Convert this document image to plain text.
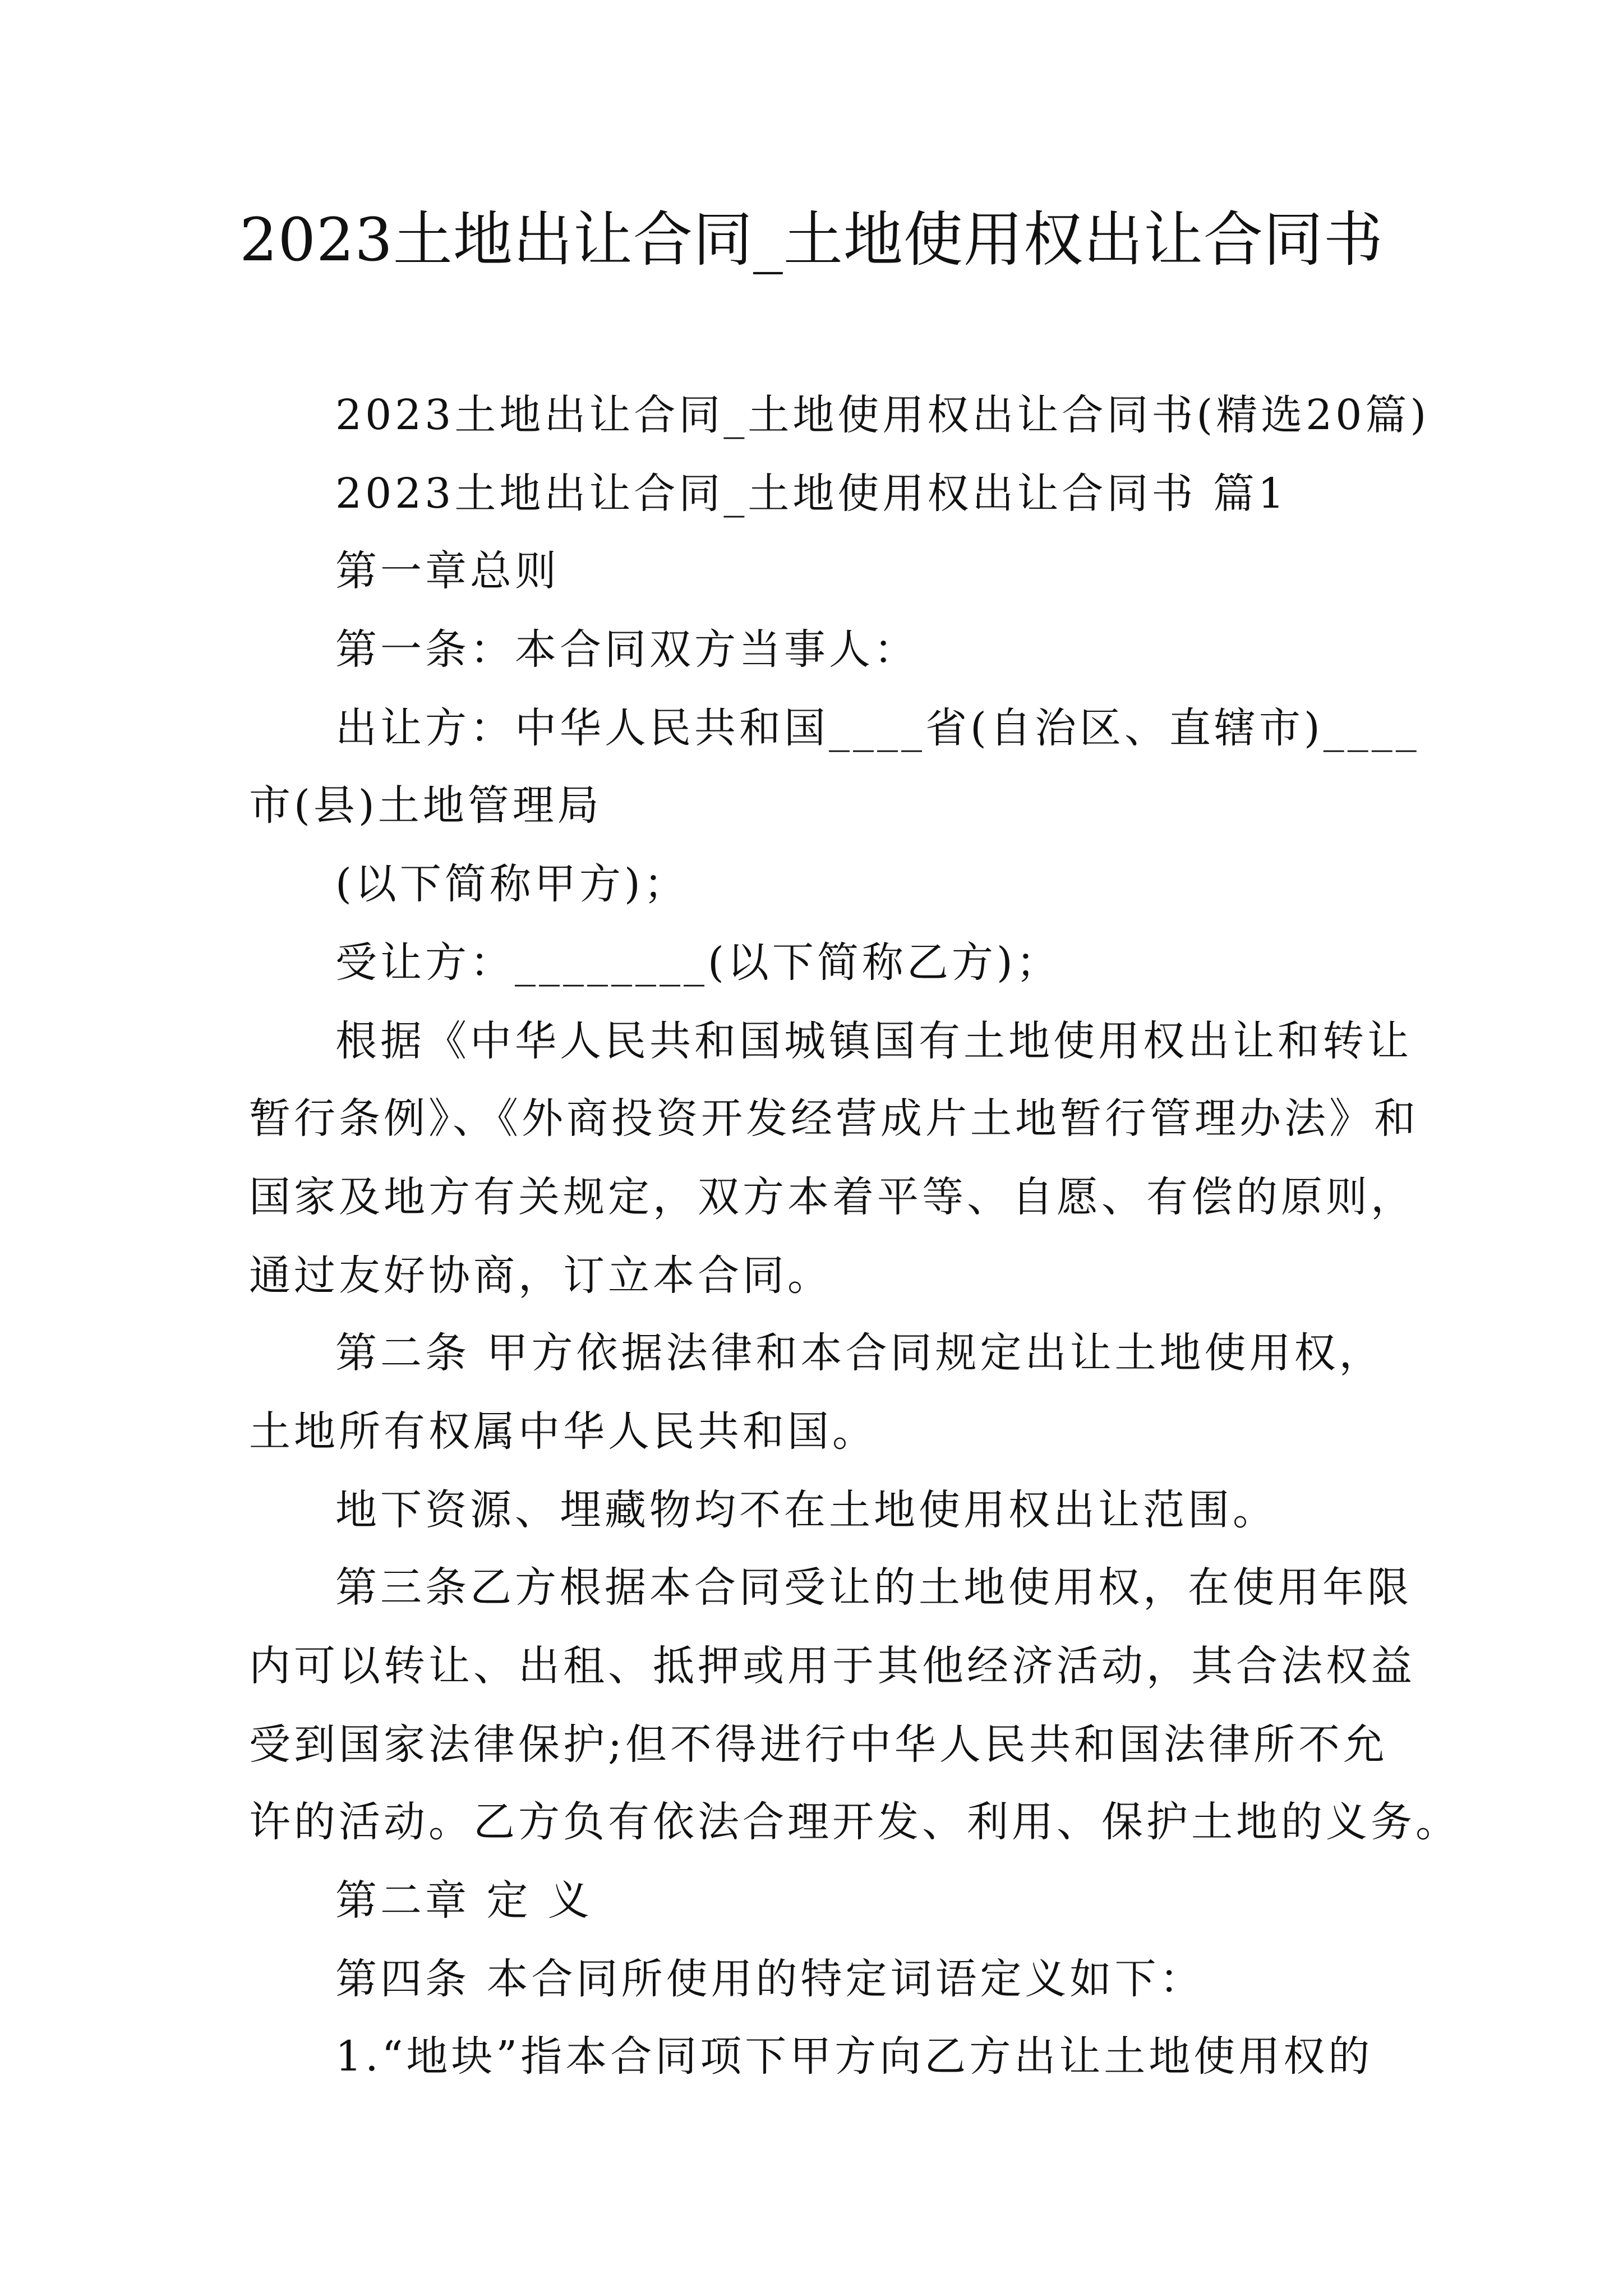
2023土地出让合同_土地使用权出让合同书
2023土地出让合同_土地使用权出让合同书(精选20篇)
2023土地出让合同_土地使用权出让合同书 篇1
第一章总则
第一条：本合同双方当事人：
出让方：中华人民共和国____省(自治区、直辖市)____
市(县)土地管理局
(以下简称甲方)；
受让方：________(以下简称乙方)；
根据《中华人民共和国城镇国有土地使用权出让和转让
暂行条例》、《外商投资开发经营成片土地暂行管理办法》和
国家及地方有关规定，双方本着平等、自愿、有偿的原则，
通过友好协商，订立本合同。
第二条 甲方依据法律和本合同规定出让土地使用权，
土地所有权属中华人民共和国。
地下资源、埋藏物均不在土地使用权出让范围。
第三条乙方根据本合同受让的土地使用权，在使用年限
内可以转让、出租、抵押或用于其他经济活动，其合法权益
受到国家法律保护;但不得进行中华人民共和国法律所不允
许的活动。乙方负有依法合理开发、利用、保护土地的义务。
第二章 定 义
第四条 本合同所使用的特定词语定义如下：
1.“地块”指本合同项下甲方向乙方出让土地使用权的
